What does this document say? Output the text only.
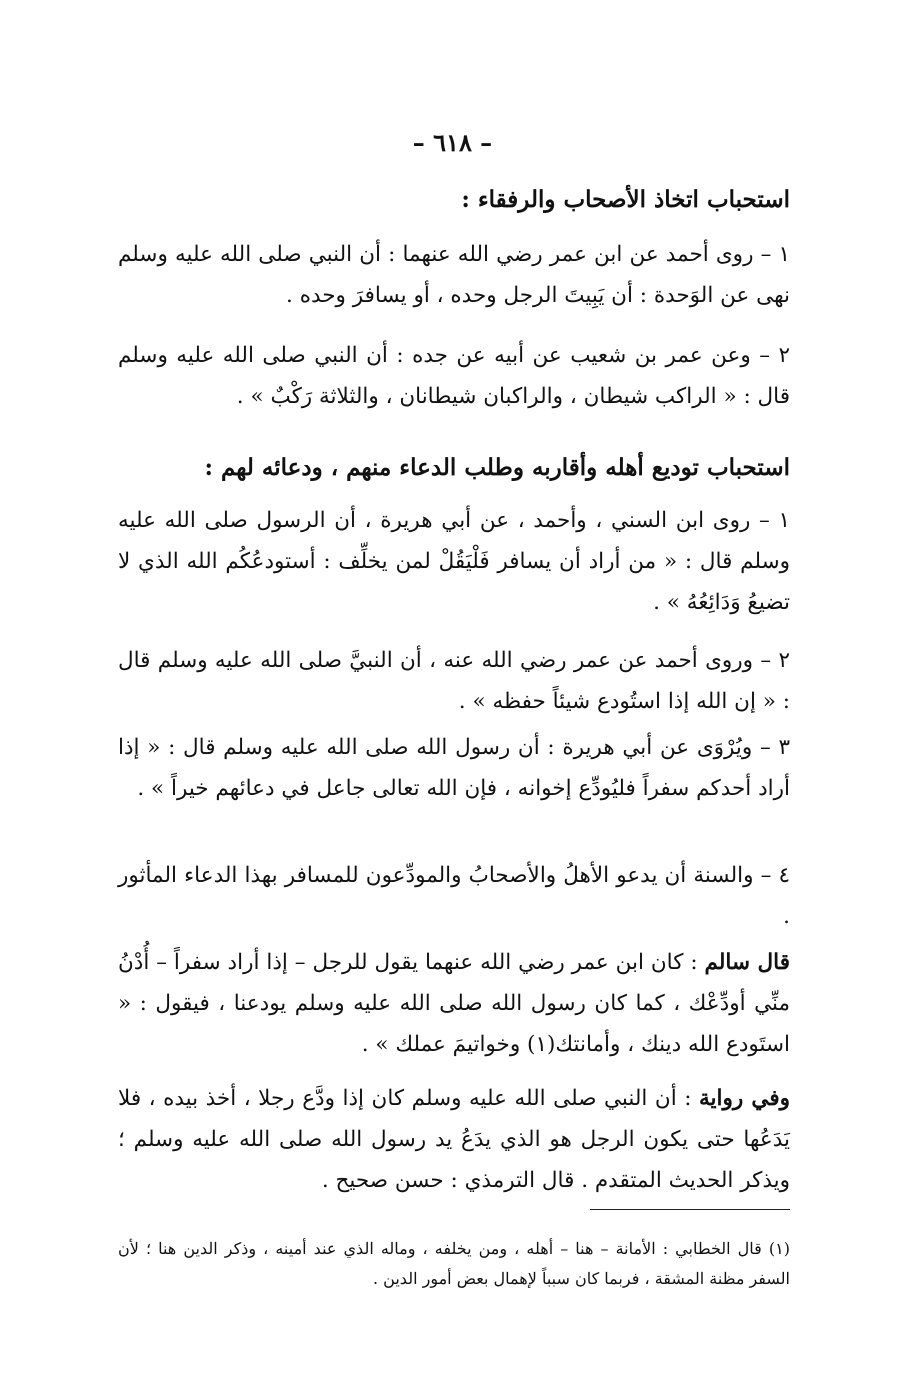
– ٦١٨ –
استحباب اتخاذ الأصحاب والرفقاء :
١ – روى أحمد عن ابن عمر رضي الله عنهما : أن النبي صلى الله عليه وسلم نهى عن الوَحدة : أن يَبِيتَ الرجل وحده ، أو يسافرَ وحده .
٢ – وعن عمر بن شعيب عن أبيه عن جده : أن النبي صلى الله عليه وسلم قال : « الراكب شيطان ، والراكبان شيطانان ، والثلاثة رَكْبٌ » .
استحباب توديع أهله وأقاربه وطلب الدعاء منهم ، ودعائه لهم :
١ – روى ابن السني ، وأحمد ، عن أبي هريرة ، أن الرسول صلى الله عليه وسلم قال : « من أراد أن يسافر فَلْيَقُلْ لمن يخلِّف : أستودعُكُم الله الذي لا تضيعُ وَدَائِعُهُ » .
٢ – وروى أحمد عن عمر رضي الله عنه ، أن النبيَّ صلى الله عليه وسلم قال : « إن الله إذا استُودع شيئاً حفظه » .
٣ – ويُرْوَى عن أبي هريرة : أن رسول الله صلى الله عليه وسلم قال : « إذا أراد أحدكم سفراً فليُودِّع إخوانه ، فإن الله تعالى جاعل في دعائهم خيراً » .
٤ – والسنة أن يدعو الأهلُ والأصحابُ والمودِّعون للمسافر بهذا الدعاء المأثور .
قال سالم : كان ابن عمر رضي الله عنهما يقول للرجل – إذا أراد سفراً – أُدْنُ منِّي أودِّعْك ، كما كان رسول الله صلى الله عليه وسلم يودعنا ، فيقول : « استَودع الله دينك ، وأمانتك(١) وخواتيمَ عملك » .
وفي رواية : أن النبي صلى الله عليه وسلم كان إذا ودَّع رجلا ، أخذ بيده ، فلا يَدَعُها حتى يكون الرجل هو الذي يدَعُ يد رسول الله صلى الله عليه وسلم ؛ ويذكر الحديث المتقدم . قال الترمذي : حسن صحيح .
(١) قال الخطابي : الأمانة – هنا – أهله ، ومن يخلفه ، وماله الذي عند أمينه ، وذكر الدين هنا ؛ لأن السفر مظنة المشقة ، فربما كان سبباً لإهمال بعض أمور الدين .
